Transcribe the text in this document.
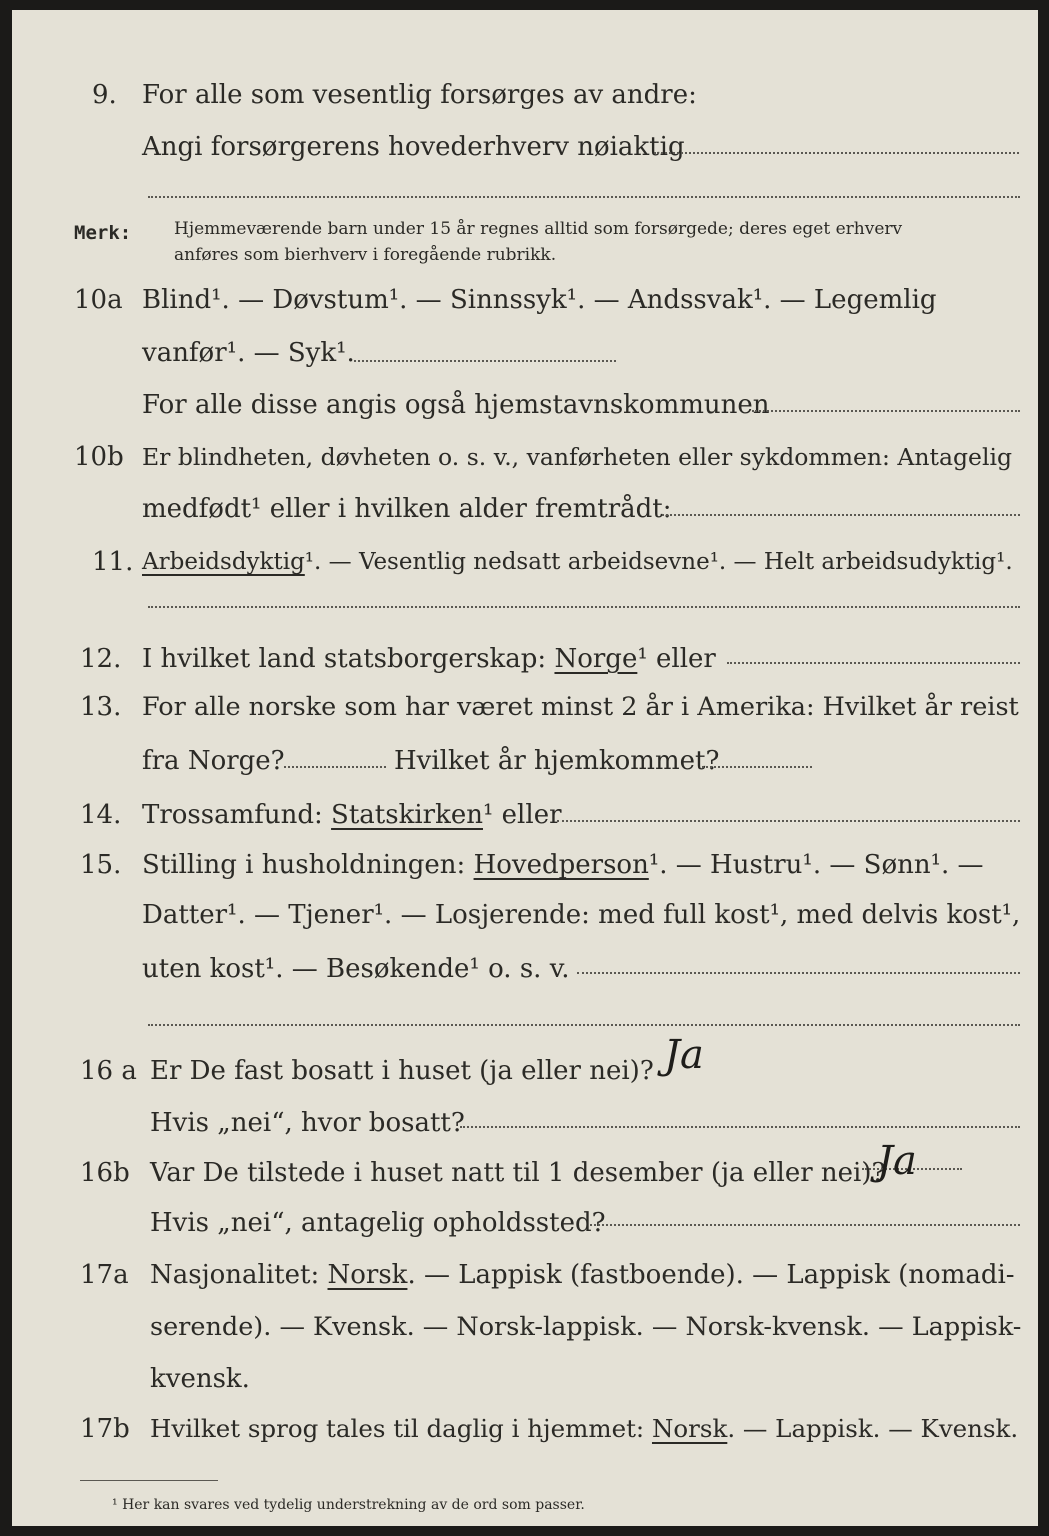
9. For alle som vesentlig forsørges av andre:
Angi forsørgerens hovederhverv nøiaktig
Merk:	Hjemmeværende barn under 15 år regnes alltid som forsørgede; deres eget erhverv
anføres som bierhverv i foregående rubrikk.
10a Blind¹. — Døvstum¹. — Sinnssyk¹. — Andssvak¹. — Legemlig
vanfør¹. — Syk¹.
For alle disse angis også hjemstavnskommunen
10b Er blindheten, døvheten o. s. v., vanførheten eller sykdommen: Antagelig
medfødt¹ eller i hvilken alder fremtrådt:
11. Arbeidsdyktig¹. — Vesentlig nedsatt arbeidsevne¹. — Helt arbeidsudyktig¹.
12. I hvilket land statsborgerskap: Norge¹ eller
13. For alle norske som har været minst 2 år i Amerika: Hvilket år reist
fra Norge?	Hvilket år hjemkommet?
14. Trossamfund: Statskirken¹ eller
15. Stilling i husholdningen: Hovedperson¹. — Hustru¹. — Sønn¹. —
Datter¹. — Tjener¹. — Losjerende: med full kost¹, med delvis kost¹,
uten kost¹. — Besøkende¹ o. s. v.
16 a Er De fast bosatt i huset (ja eller nei)? Ja
Hvis „nei“, hvor bosatt?
16b Var De tilstede i huset natt til 1 desember (ja eller nei)?
Ja
Hvis „nei“, antagelig opholdssted?
17a Nasjonalitet: Norsk. — Lappisk (fastboende). — Lappisk (nomadi-
serende). — Kvensk. — Norsk-lappisk. — Norsk-kvensk. — Lappisk-
kvensk.
17b Hvilket sprog tales til daglig i hjemmet: Norsk. — Lappisk. — Kvensk.
¹ Her kan svares ved tydelig understrekning av de ord som passer.
